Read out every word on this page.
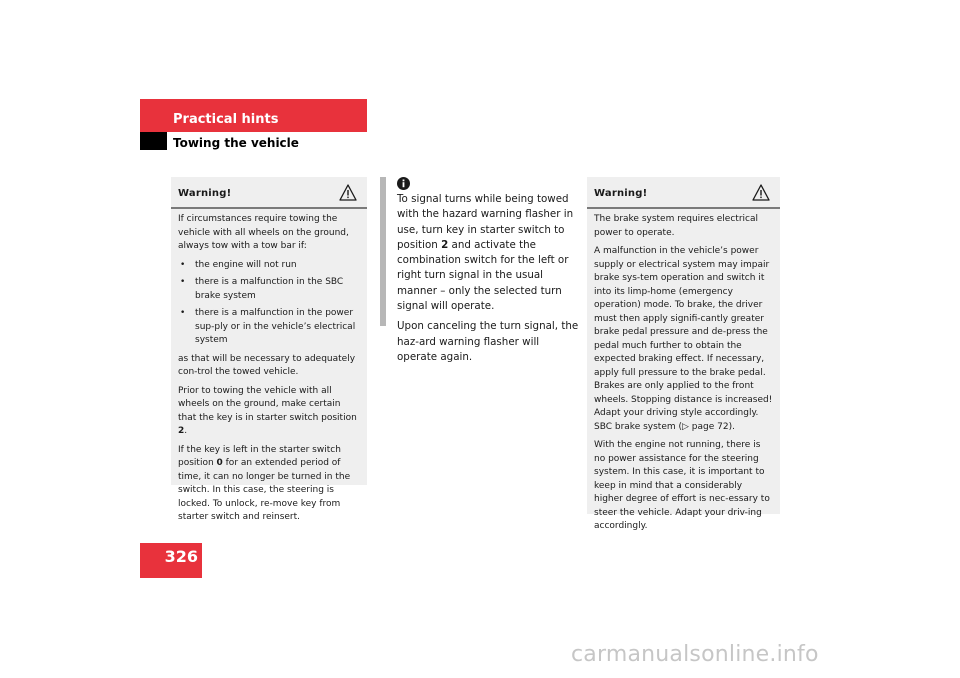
Practical hints
Towing the vehicle
Warning!

If circumstances require towing the vehicle with all wheels on the ground, always tow with a tow bar if:

• the engine will not run
• there is a malfunction in the SBC brake system
• there is a malfunction in the power sup-ply or in the vehicle’s electrical system

as that will be necessary to adequately con-trol the towed vehicle.

Prior to towing the vehicle with all wheels on the ground, make certain that the key is in starter switch position 2.

If the key is left in the starter switch position 0 for an extended period of time, it can no longer be turned in the switch. In this case, the steering is locked. To unlock, re-move key from starter switch and reinsert.

To signal turns while being towed with the hazard warning flasher in use, turn key in starter switch to position 2 and activate the combination switch for the left or right turn signal in the usual manner – only the selected turn signal will operate.

Upon canceling the turn signal, the haz-ard warning flasher will operate again.

Warning!

The brake system requires electrical power to operate.

A malfunction in the vehicle’s power supply or electrical system may impair brake sys-tem operation and switch it into its limp-home (emergency operation) mode. To brake, the driver must then apply signifi-cantly greater brake pedal pressure and de-press the pedal much further to obtain the expected braking effect. If necessary, apply full pressure to the brake pedal. Brakes are only applied to the front wheels. Stopping distance is increased! Adapt your driving style accordingly. SBC brake system (▷ page 72).

With the engine not running, there is no power assistance for the steering system. In this case, it is important to keep in mind that a considerably higher degree of effort is nec-essary to steer the vehicle. Adapt your driv-ing accordingly.

326
carmanualsonline.info
